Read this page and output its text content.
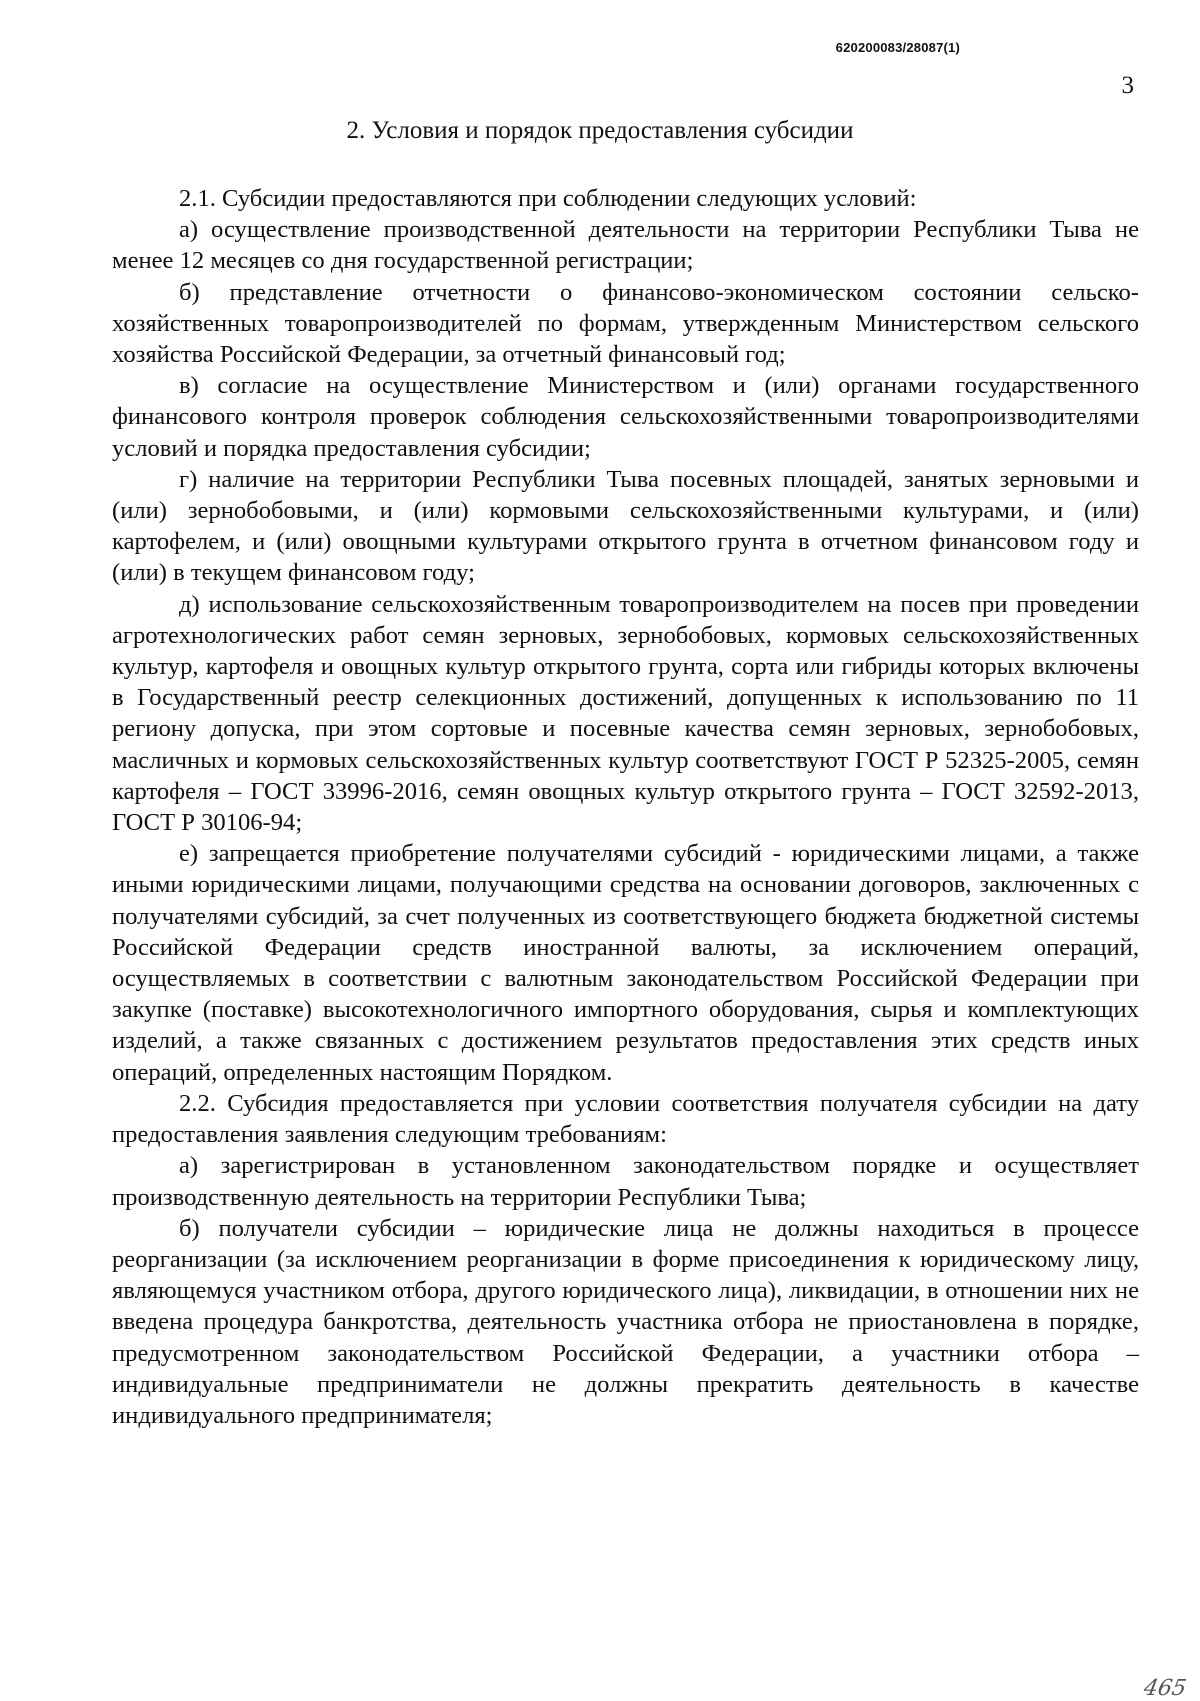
620200083/28087(1)
3
2. Условия и порядок предоставления субсидии

2.1. Субсидии предоставляются при соблюдении следующих условий:

а) осуществление производственной деятельности на территории Республики Тыва не менее 12 месяцев со дня государственной регистрации;

б) представление отчетности о финансово-экономическом состоянии сельскохозяйственных товаропроизводителей по формам, утвержденным Министерством сельского хозяйства Российской Федерации, за отчетный финансовый год;

в) согласие на осуществление Министерством и (или) органами государственного финансового контроля проверок соблюдения сельскохозяйственными товаропроизводителями условий и порядка предоставления субсидии;

г) наличие на территории Республики Тыва посевных площадей, занятых зерновыми и (или) зернобобовыми, и (или) кормовыми сельскохозяйственными культурами, и (или) картофелем, и (или) овощными культурами открытого грунта в отчетном финансовом году и (или) в текущем финансовом году;

д) использование сельскохозяйственным товаропроизводителем на посев при проведении агротехнологических работ семян зерновых, зернобобовых, кормовых сельскохозяйственных культур, картофеля и овощных культур открытого грунта, сорта или гибриды которых включены в Государственный реестр селекционных достижений, допущенных к использованию по 11 региону допуска, при этом сортовые и посевные качества семян зерновых, зернобобовых, масличных и кормовых сельскохозяйственных культур соответствуют ГОСТ Р 52325-2005, семян картофеля – ГОСТ 33996-2016, семян овощных культур открытого грунта – ГОСТ 32592-2013, ГОСТ Р 30106-94;

е) запрещается приобретение получателями субсидий - юридическими лицами, а также иными юридическими лицами, получающими средства на основании договоров, заключенных с получателями субсидий, за счет полученных из соответствующего бюджета бюджетной системы Российской Федерации средств иностранной валюты, за исключением операций, осуществляемых в соответствии с валютным законодательством Российской Федерации при закупке (поставке) высокотехнологичного импортного оборудования, сырья и комплектующих изделий, а также связанных с достижением результатов предоставления этих средств иных операций, определенных настоящим Порядком.

2.2. Субсидия предоставляется при условии соответствия получателя субсидии на дату предоставления заявления следующим требованиям:

а) зарегистрирован в установленном законодательством порядке и осуществляет производственную деятельность на территории Республики Тыва;

б) получатели субсидии – юридические лица не должны находиться в процессе реорганизации (за исключением реорганизации в форме присоединения к юридическому лицу, являющемуся участником отбора, другого юридического лица), ликвидации, в отношении них не введена процедура банкротства, деятельность участника отбора не приостановлена в порядке, предусмотренном законодательством Российской Федерации, а участники отбора – индивидуальные предприниматели не должны прекратить деятельность в качестве индивидуального предпринимателя;

465
